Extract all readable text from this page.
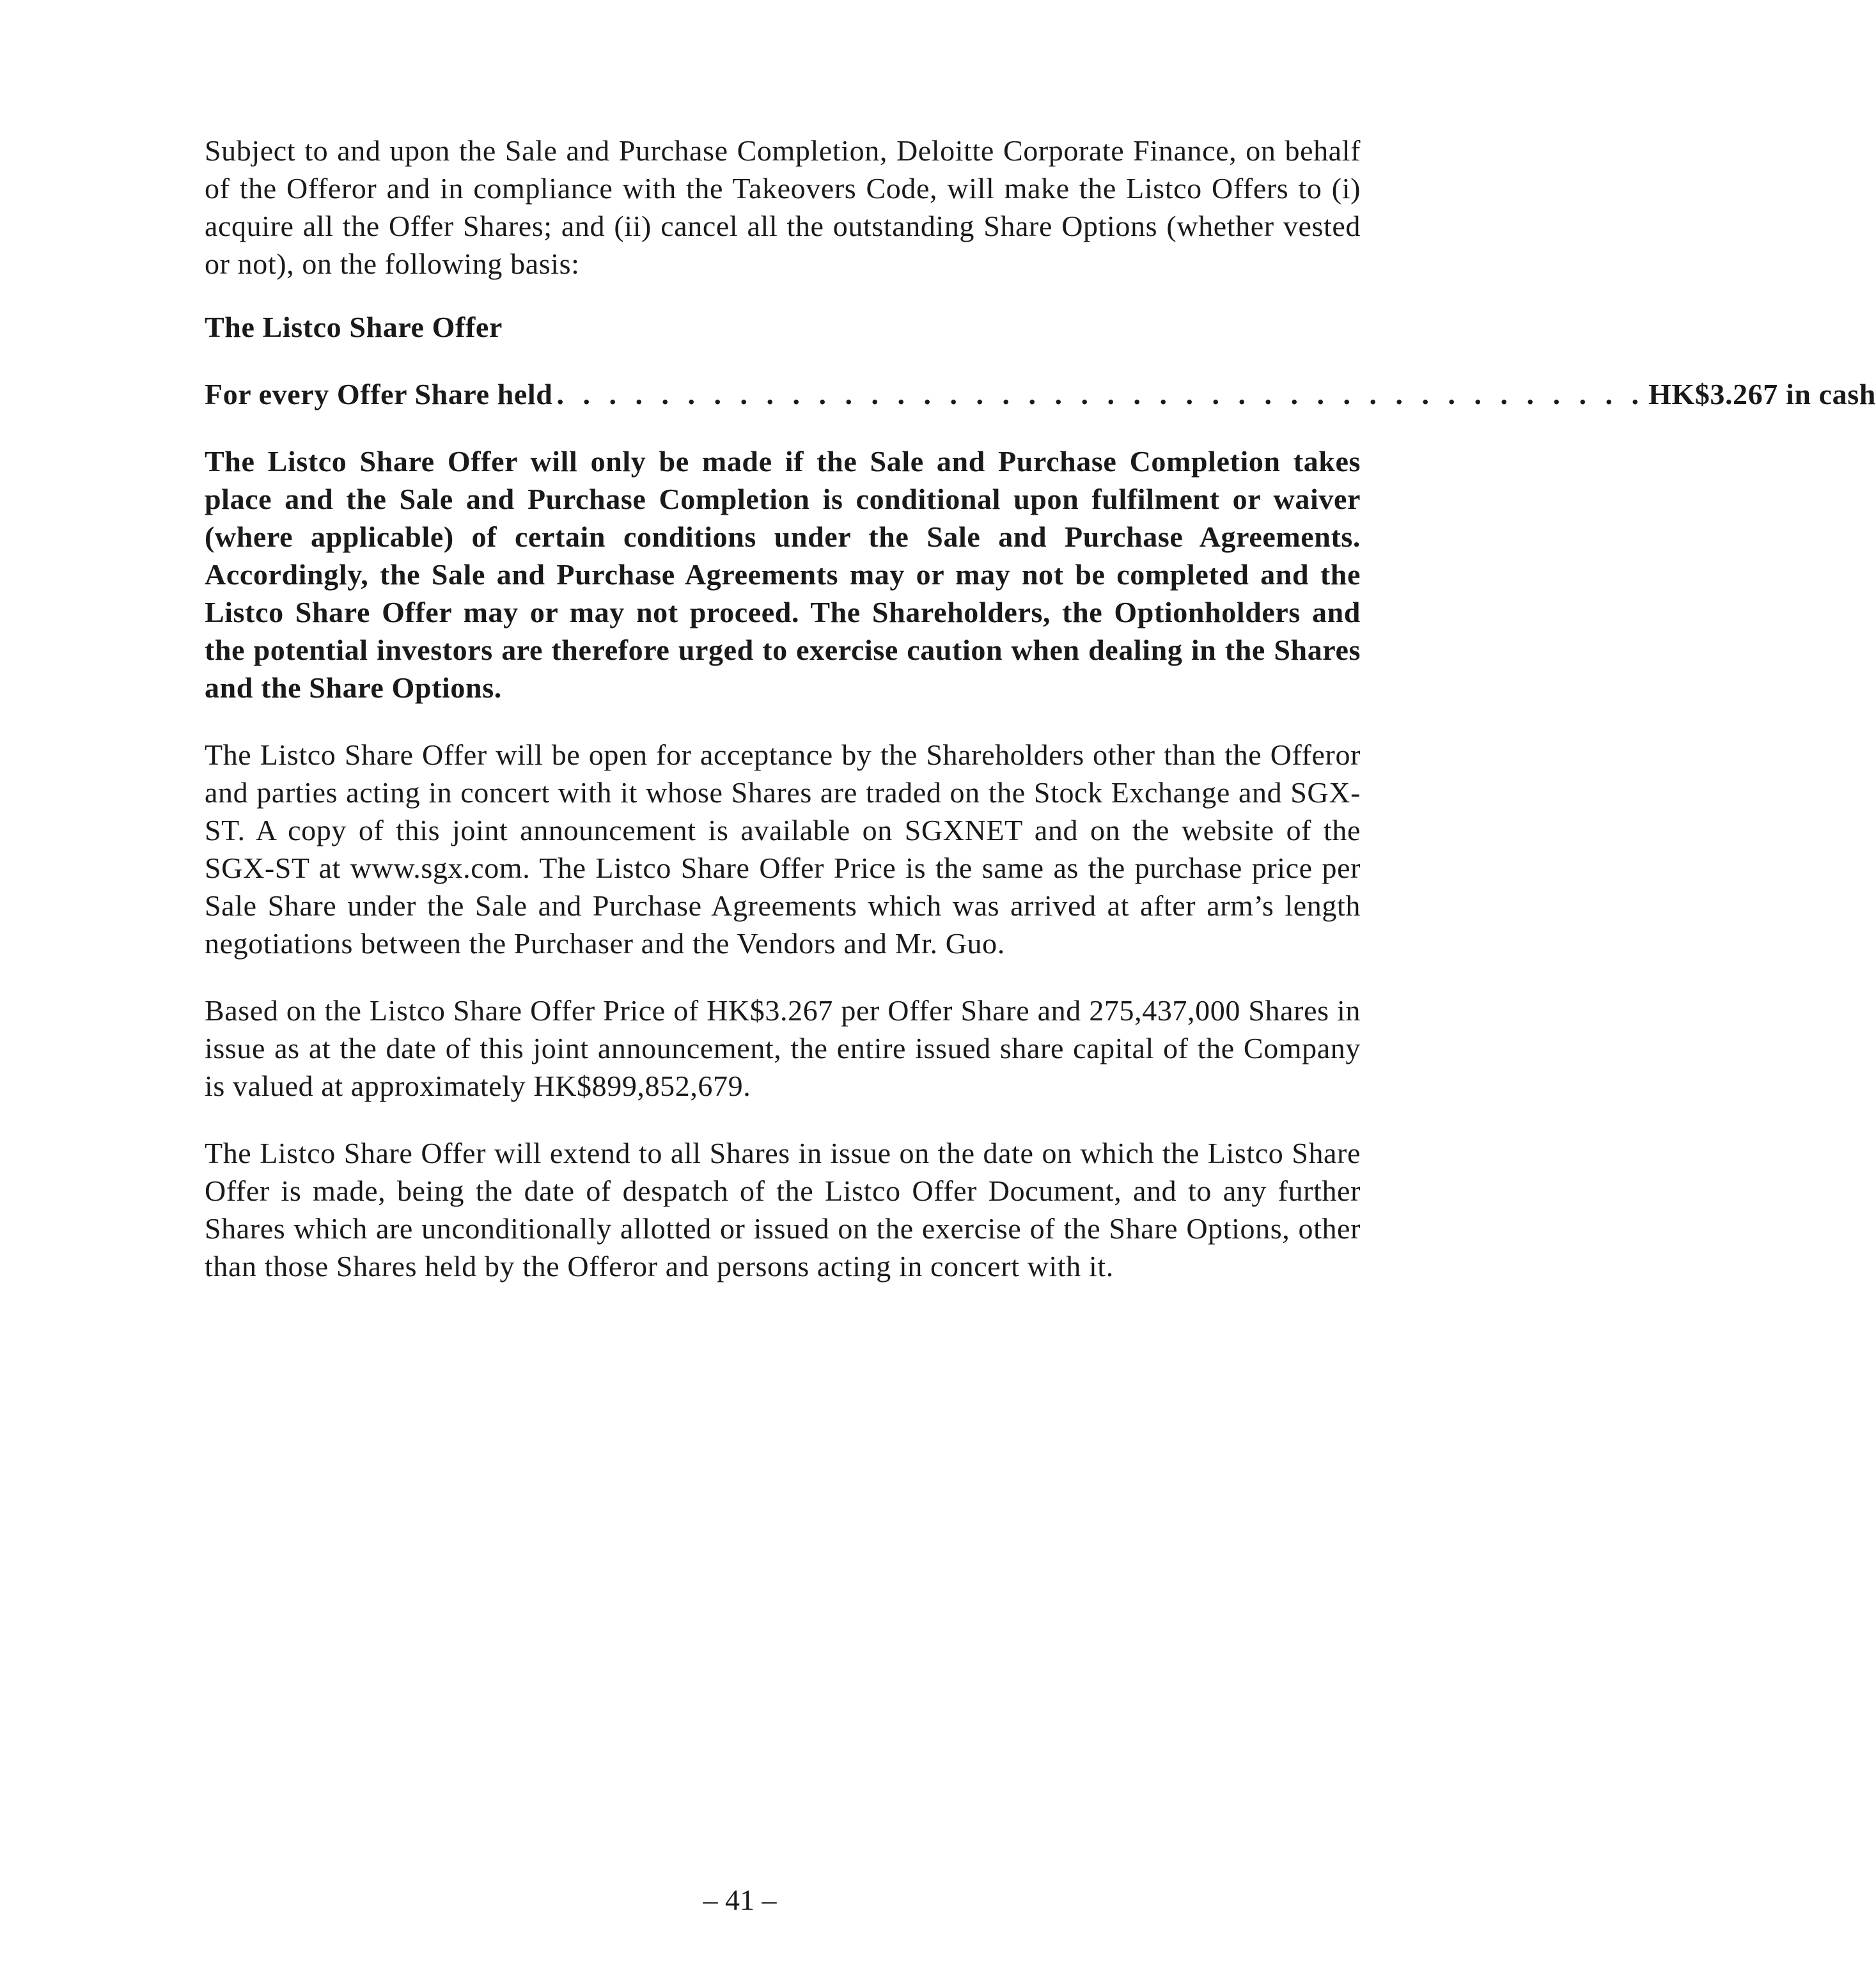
Subject to and upon the Sale and Purchase Completion, Deloitte Corporate Finance, on behalf of the Offeror and in compliance with the Takeovers Code, will make the Listco Offers to (i) acquire all the Offer Shares; and (ii) cancel all the outstanding Share Options (whether vested or not), on the following basis:

The Listco Share Offer

For every Offer Share held . . . . . . . . . . . . . . . . . . . . . . . . . . . . . . . . . . . . . . . . . . HK$3.267 in cash

The Listco Share Offer will only be made if the Sale and Purchase Completion takes place and the Sale and Purchase Completion is conditional upon fulfilment or waiver (where applicable) of certain conditions under the Sale and Purchase Agreements. Accordingly, the Sale and Purchase Agreements may or may not be completed and the Listco Share Offer may or may not proceed. The Shareholders, the Optionholders and the potential investors are therefore urged to exercise caution when dealing in the Shares and the Share Options.

The Listco Share Offer will be open for acceptance by the Shareholders other than the Offeror and parties acting in concert with it whose Shares are traded on the Stock Exchange and SGX-ST. A copy of this joint announcement is available on SGXNET and on the website of the SGX-ST at www.sgx.com. The Listco Share Offer Price is the same as the purchase price per Sale Share under the Sale and Purchase Agreements which was arrived at after arm’s length negotiations between the Purchaser and the Vendors and Mr. Guo.

Based on the Listco Share Offer Price of HK$3.267 per Offer Share and 275,437,000 Shares in issue as at the date of this joint announcement, the entire issued share capital of the Company is valued at approximately HK$899,852,679.

The Listco Share Offer will extend to all Shares in issue on the date on which the Listco Share Offer is made, being the date of despatch of the Listco Offer Document, and to any further Shares which are unconditionally allotted or issued on the exercise of the Share Options, other than those Shares held by the Offeror and persons acting in concert with it.

– 41 –
